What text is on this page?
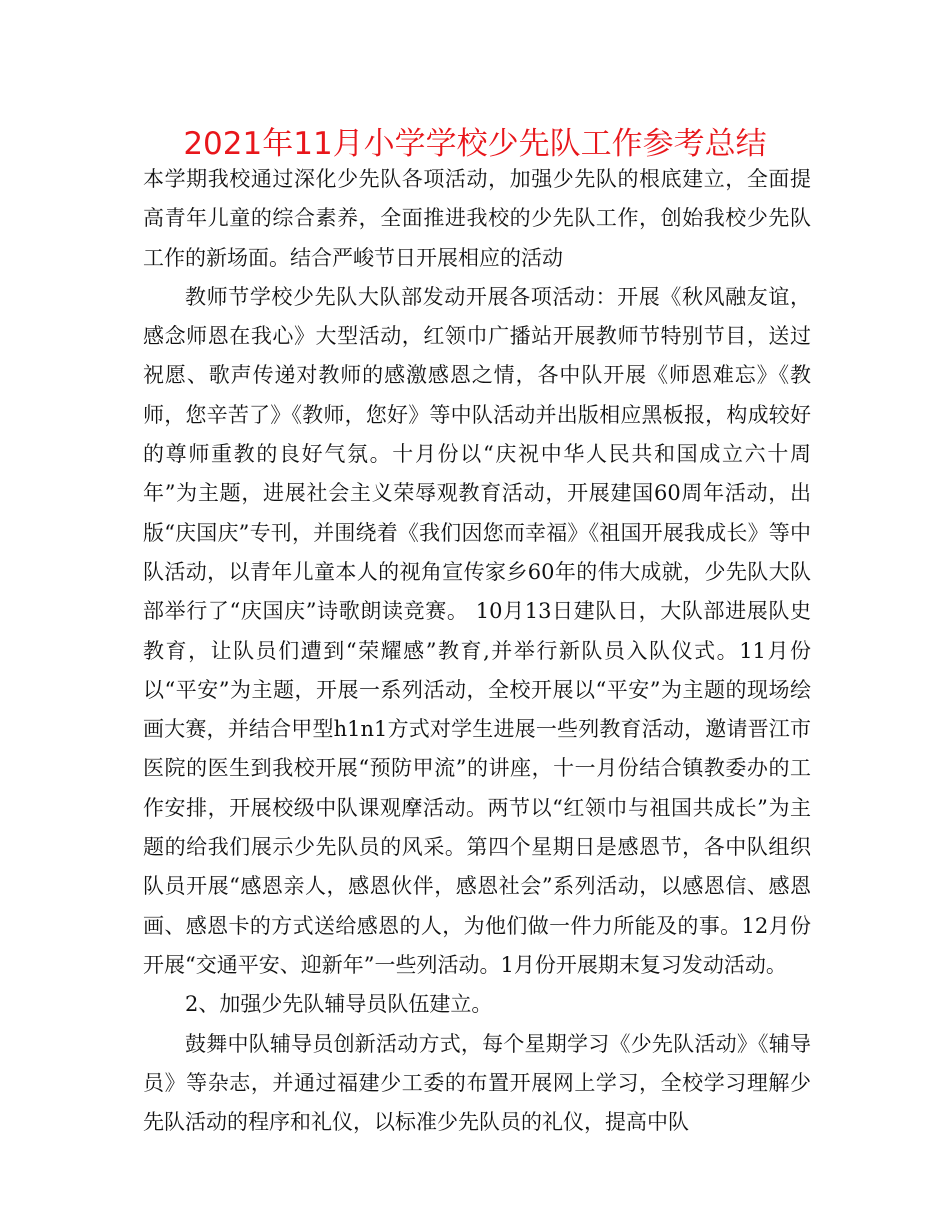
2021年11月小学学校少先队工作参考总结

本学期我校通过深化少先队各项活动，加强少先队的根底建立，全面提高青年儿童的综合素养，全面推进我校的少先队工作，创始我校少先队工作的新场面。结合严峻节日开展相应的活动

教师节学校少先队大队部发动开展各项活动：开展《秋风融友谊，感念师恩在我心》大型活动，红领巾广播站开展教师节特别节目，送过祝愿、歌声传递对教师的感激感恩之情，各中队开展《师恩难忘》《教师，您辛苦了》《教师，您好》等中队活动并出版相应黑板报，构成较好的尊师重教的良好气氛。十月份以“庆祝中华人民共和国成立六十周年”为主题，进展社会主义荣辱观教育活动，开展建国60周年活动，出版“庆国庆”专刊，并围绕着《我们因您而幸福》《祖国开展我成长》等中队活动，以青年儿童本人的视角宣传家乡60年的伟大成就，少先队大队部举行了“庆国庆”诗歌朗读竞赛。 10月13日建队日，大队部进展队史教育，让队员们遭到“荣耀感”教育,并举行新队员入队仪式。11月份以“平安”为主题，开展一系列活动，全校开展以“平安”为主题的现场绘画大赛，并结合甲型h1n1方式对学生进展一些列教育活动，邀请晋江市医院的医生到我校开展“预防甲流”的讲座，十一月份结合镇教委办的工作安排，开展校级中队课观摩活动。两节以“红领巾与祖国共成长”为主题的给我们展示少先队员的风采。第四个星期日是感恩节，各中队组织队员开展“感恩亲人，感恩伙伴，感恩社会”系列活动，以感恩信、感恩画、感恩卡的方式送给感恩的人，为他们做一件力所能及的事。12月份开展“交通平安、迎新年”一些列活动。1月份开展期末复习发动活动。

2、加强少先队辅导员队伍建立。

鼓舞中队辅导员创新活动方式，每个星期学习《少先队活动》《辅导员》等杂志，并通过福建少工委的布置开展网上学习，全校学习理解少先队活动的程序和礼仪，以标准少先队员的礼仪，提高中队
